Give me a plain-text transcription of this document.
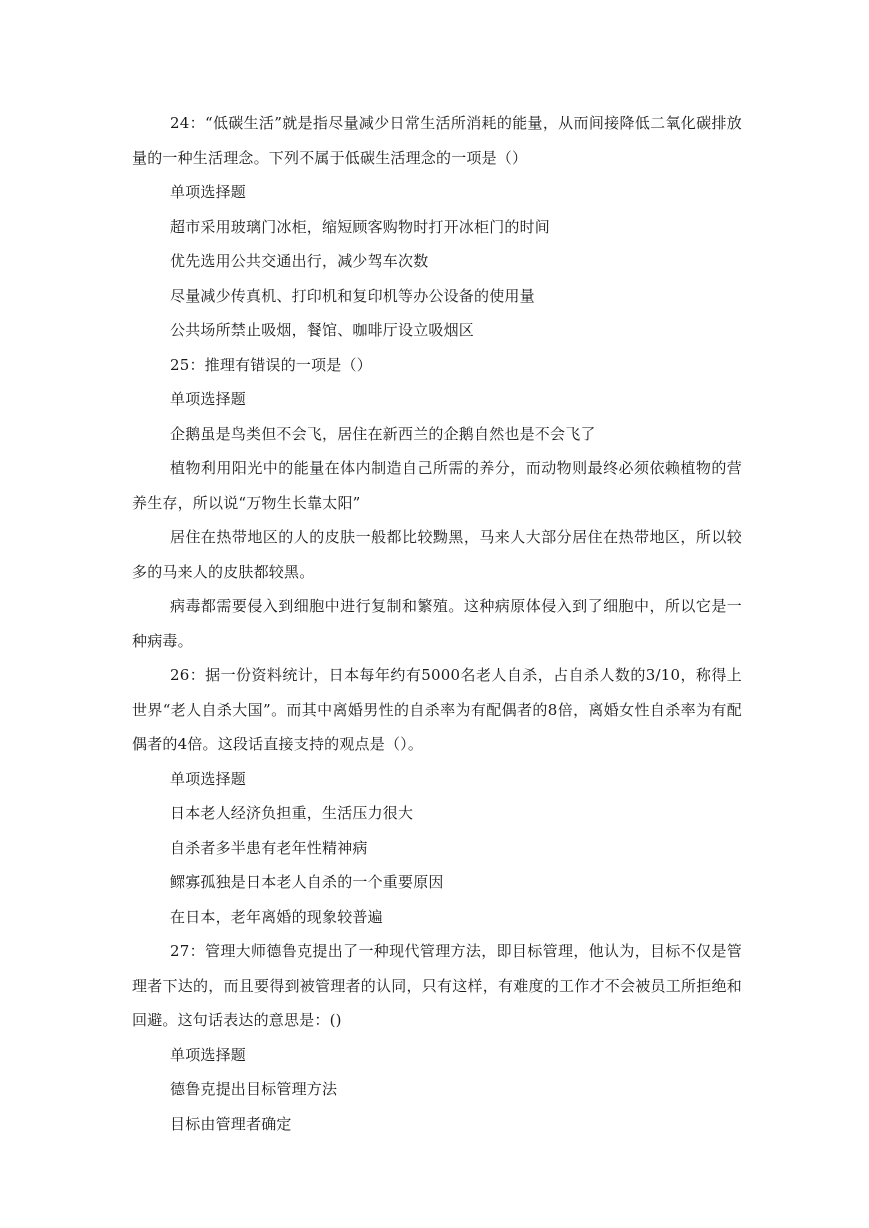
24：“低碳生活”就是指尽量减少日常生活所消耗的能量，从而间接降低二氧化碳排放量的一种生活理念。下列不属于低碳生活理念的一项是（）

单项选择题

超市采用玻璃门冰柜，缩短顾客购物时打开冰柜门的时间

优先选用公共交通出行，减少驾车次数

尽量减少传真机、打印机和复印机等办公设备的使用量

公共场所禁止吸烟，餐馆、咖啡厅设立吸烟区

25：推理有错误的一项是（）

单项选择题

企鹅虽是鸟类但不会飞，居住在新西兰的企鹅自然也是不会飞了

植物利用阳光中的能量在体内制造自己所需的养分，而动物则最终必须依赖植物的营养生存，所以说“万物生长靠太阳”

居住在热带地区的人的皮肤一般都比较黝黑，马来人大部分居住在热带地区，所以较多的马来人的皮肤都较黑。

病毒都需要侵入到细胞中进行复制和繁殖。这种病原体侵入到了细胞中，所以它是一种病毒。

26：据一份资料统计，日本每年约有5000名老人自杀，占自杀人数的3/10，称得上世界“老人自杀大国”。而其中离婚男性的自杀率为有配偶者的8倍，离婚女性自杀率为有配偶者的4倍。这段话直接支持的观点是（）。

单项选择题

日本老人经济负担重，生活压力很大

自杀者多半患有老年性精神病

鳏寡孤独是日本老人自杀的一个重要原因

在日本，老年离婚的现象较普遍

27：管理大师德鲁克提出了一种现代管理方法，即目标管理，他认为，目标不仅是管理者下达的，而且要得到被管理者的认同，只有这样，有难度的工作才不会被员工所拒绝和回避。这句话表达的意思是：()

单项选择题

德鲁克提出目标管理方法

目标由管理者确定
